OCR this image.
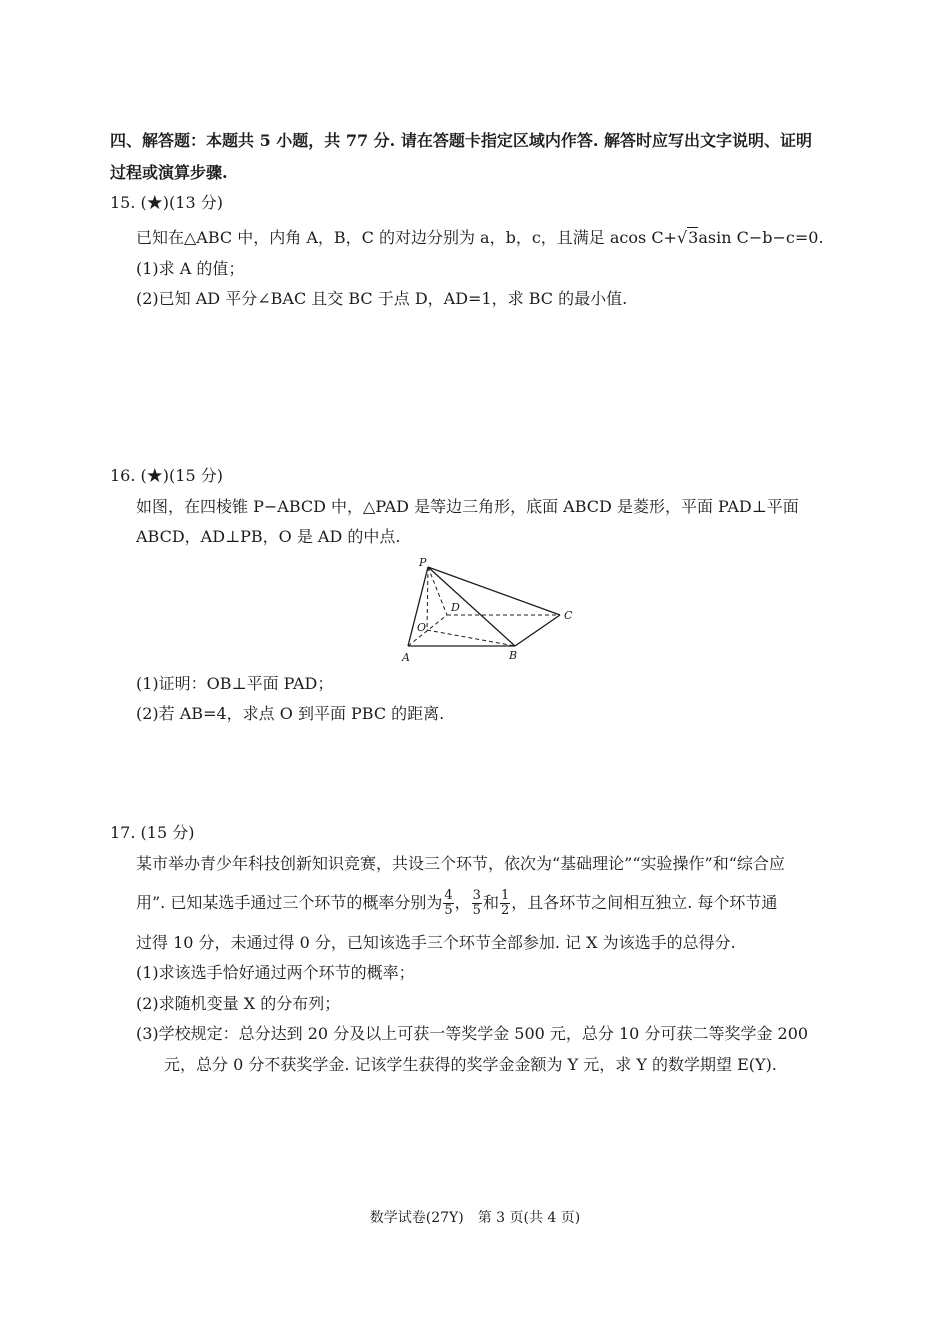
四、解答题：本题共 5 小题，共 77 分. 请在答题卡指定区域内作答. 解答时应写出文字说明、证明
过程或演算步骤.
15. (★)(13 分)
已知在△ABC 中，内角 A，B，C 的对边分别为 a，b，c，且满足 acos C+√3asin C−b−c=0.
(1)求 A 的值；
(2)已知 AD 平分∠BAC 且交 BC 于点 D，AD=1，求 BC 的最小值.
16. (★)(15 分)
如图，在四棱锥 P−ABCD 中，△PAD 是等边三角形，底面 ABCD 是菱形，平面 PAD⊥平面
ABCD，AD⊥PB，O 是 AD 的中点.
P
D
C
O
A	B
(1)证明：OB⊥平面 PAD；
(2)若 AB=4，求点 O 到平面 PBC 的距离.
17. (15 分)
某市举办青少年科技创新知识竞赛，共设三个环节，依次为“基础理论”“实验操作”和“综合应
用”. 已知某选手通过三个环节的概率分别为 $\frac{4}{5}$ ， $\frac{3}{5}$ 和 $\frac{1}{2}$ ，且各环节之间相互独立. 每个环节通
过得 10 分，未通过得 0 分，已知该选手三个环节全部参加. 记 X 为该选手的总得分.
(1)求该选手恰好通过两个环节的概率；
(2)求随机变量 X 的分布列；
(3)学校规定：总分达到 20 分及以上可获一等奖学金 500 元，总分 10 分可获二等奖学金 200
元，总分 0 分不获奖学金. 记该学生获得的奖学金金额为 Y 元，求 Y 的数学期望 E(Y).
数学试卷(27Y)　第 3 页(共 4 页)
